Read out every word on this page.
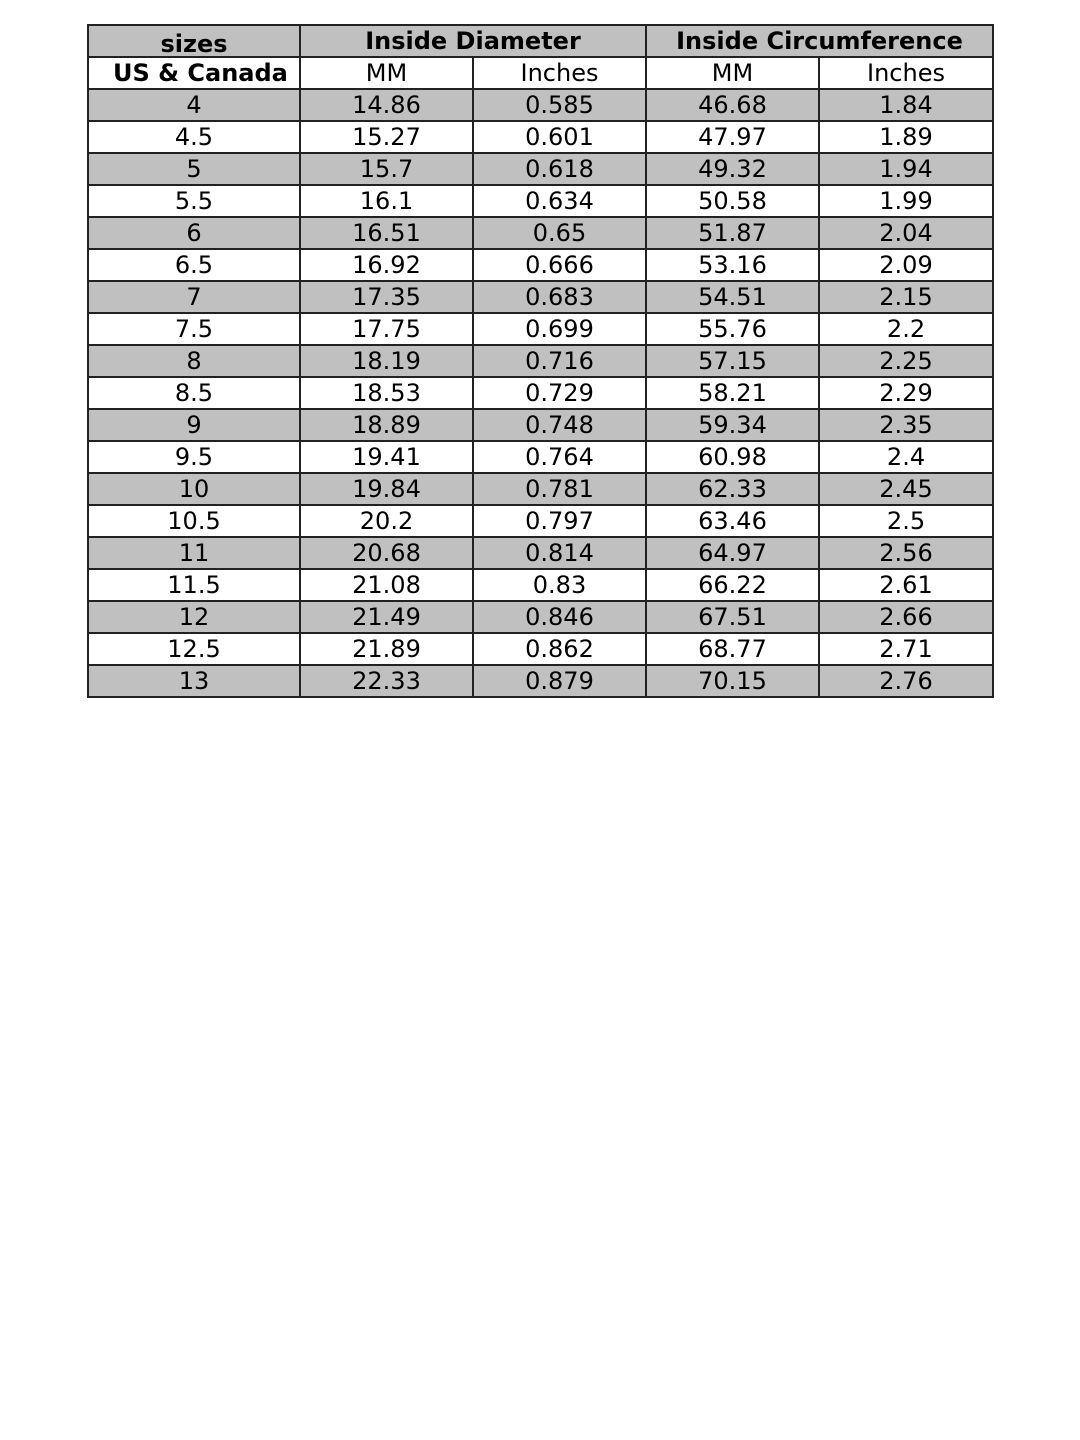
sizes	Inside Diameter		Inside Circumference	
US & Canada	MM	Inches	MM	Inches
4	14.86	0.585	46.68	1.84
4.5	15.27	0.601	47.97	1.89
5	15.7	0.618	49.32	1.94
5.5	16.1	0.634	50.58	1.99
6	16.51	0.65	51.87	2.04
6.5	16.92	0.666	53.16	2.09
7	17.35	0.683	54.51	2.15
7.5	17.75	0.699	55.76	2.2
8	18.19	0.716	57.15	2.25
8.5	18.53	0.729	58.21	2.29
9	18.89	0.748	59.34	2.35
9.5	19.41	0.764	60.98	2.4
10	19.84	0.781	62.33	2.45
10.5	20.2	0.797	63.46	2.5
11	20.68	0.814	64.97	2.56
11.5	21.08	0.83	66.22	2.61
12	21.49	0.846	67.51	2.66
12.5	21.89	0.862	68.77	2.71
13	22.33	0.879	70.15	2.76
